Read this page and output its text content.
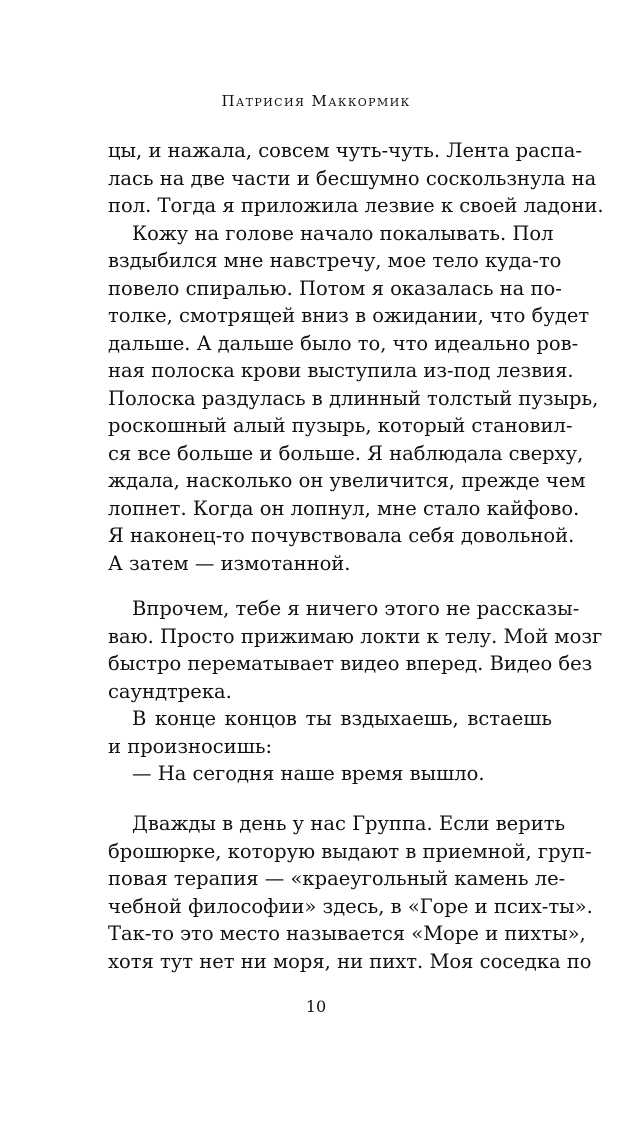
Патрисия Маккормик
цы, и нажала, совсем чуть-чуть. Лента распа-
лась на две части и бесшумно соскользнула на
пол. Тогда я приложила лезвие к своей ладони.
Кожу на голове начало покалывать. Пол
вздыбился мне навстречу, мое тело куда-то
повело спиралью. Потом я оказалась на по-
толке, смотрящей вниз в ожидании, что будет
дальше. А дальше было то, что идеально ров-
ная полоска крови выступила из-под лезвия.
Полоска раздулась в длинный толстый пузырь,
роскошный алый пузырь, который становил-
ся все больше и больше. Я наблюдала сверху,
ждала, насколько он увеличится, прежде чем
лопнет. Когда он лопнул, мне стало кайфово.
Я наконец-то почувствовала себя довольной.
А затем — измотанной.
Впрочем, тебе я ничего этого не рассказы-
ваю. Просто прижимаю локти к телу. Мой мозг
быстро перематывает видео вперед. Видео без
саундтрека.
В конце концов ты вздыхаешь, встаешь
и произносишь:
— На сегодня наше время вышло.
Дважды в день у нас Группа. Если верить
брошюрке, которую выдают в приемной, груп-
повая терапия — «краеугольный камень ле-
чебной философии» здесь, в «Горе и псих-ты».
Так-то это место называется «Море и пихты»,
хотя тут нет ни моря, ни пихт. Моя соседка по
10
